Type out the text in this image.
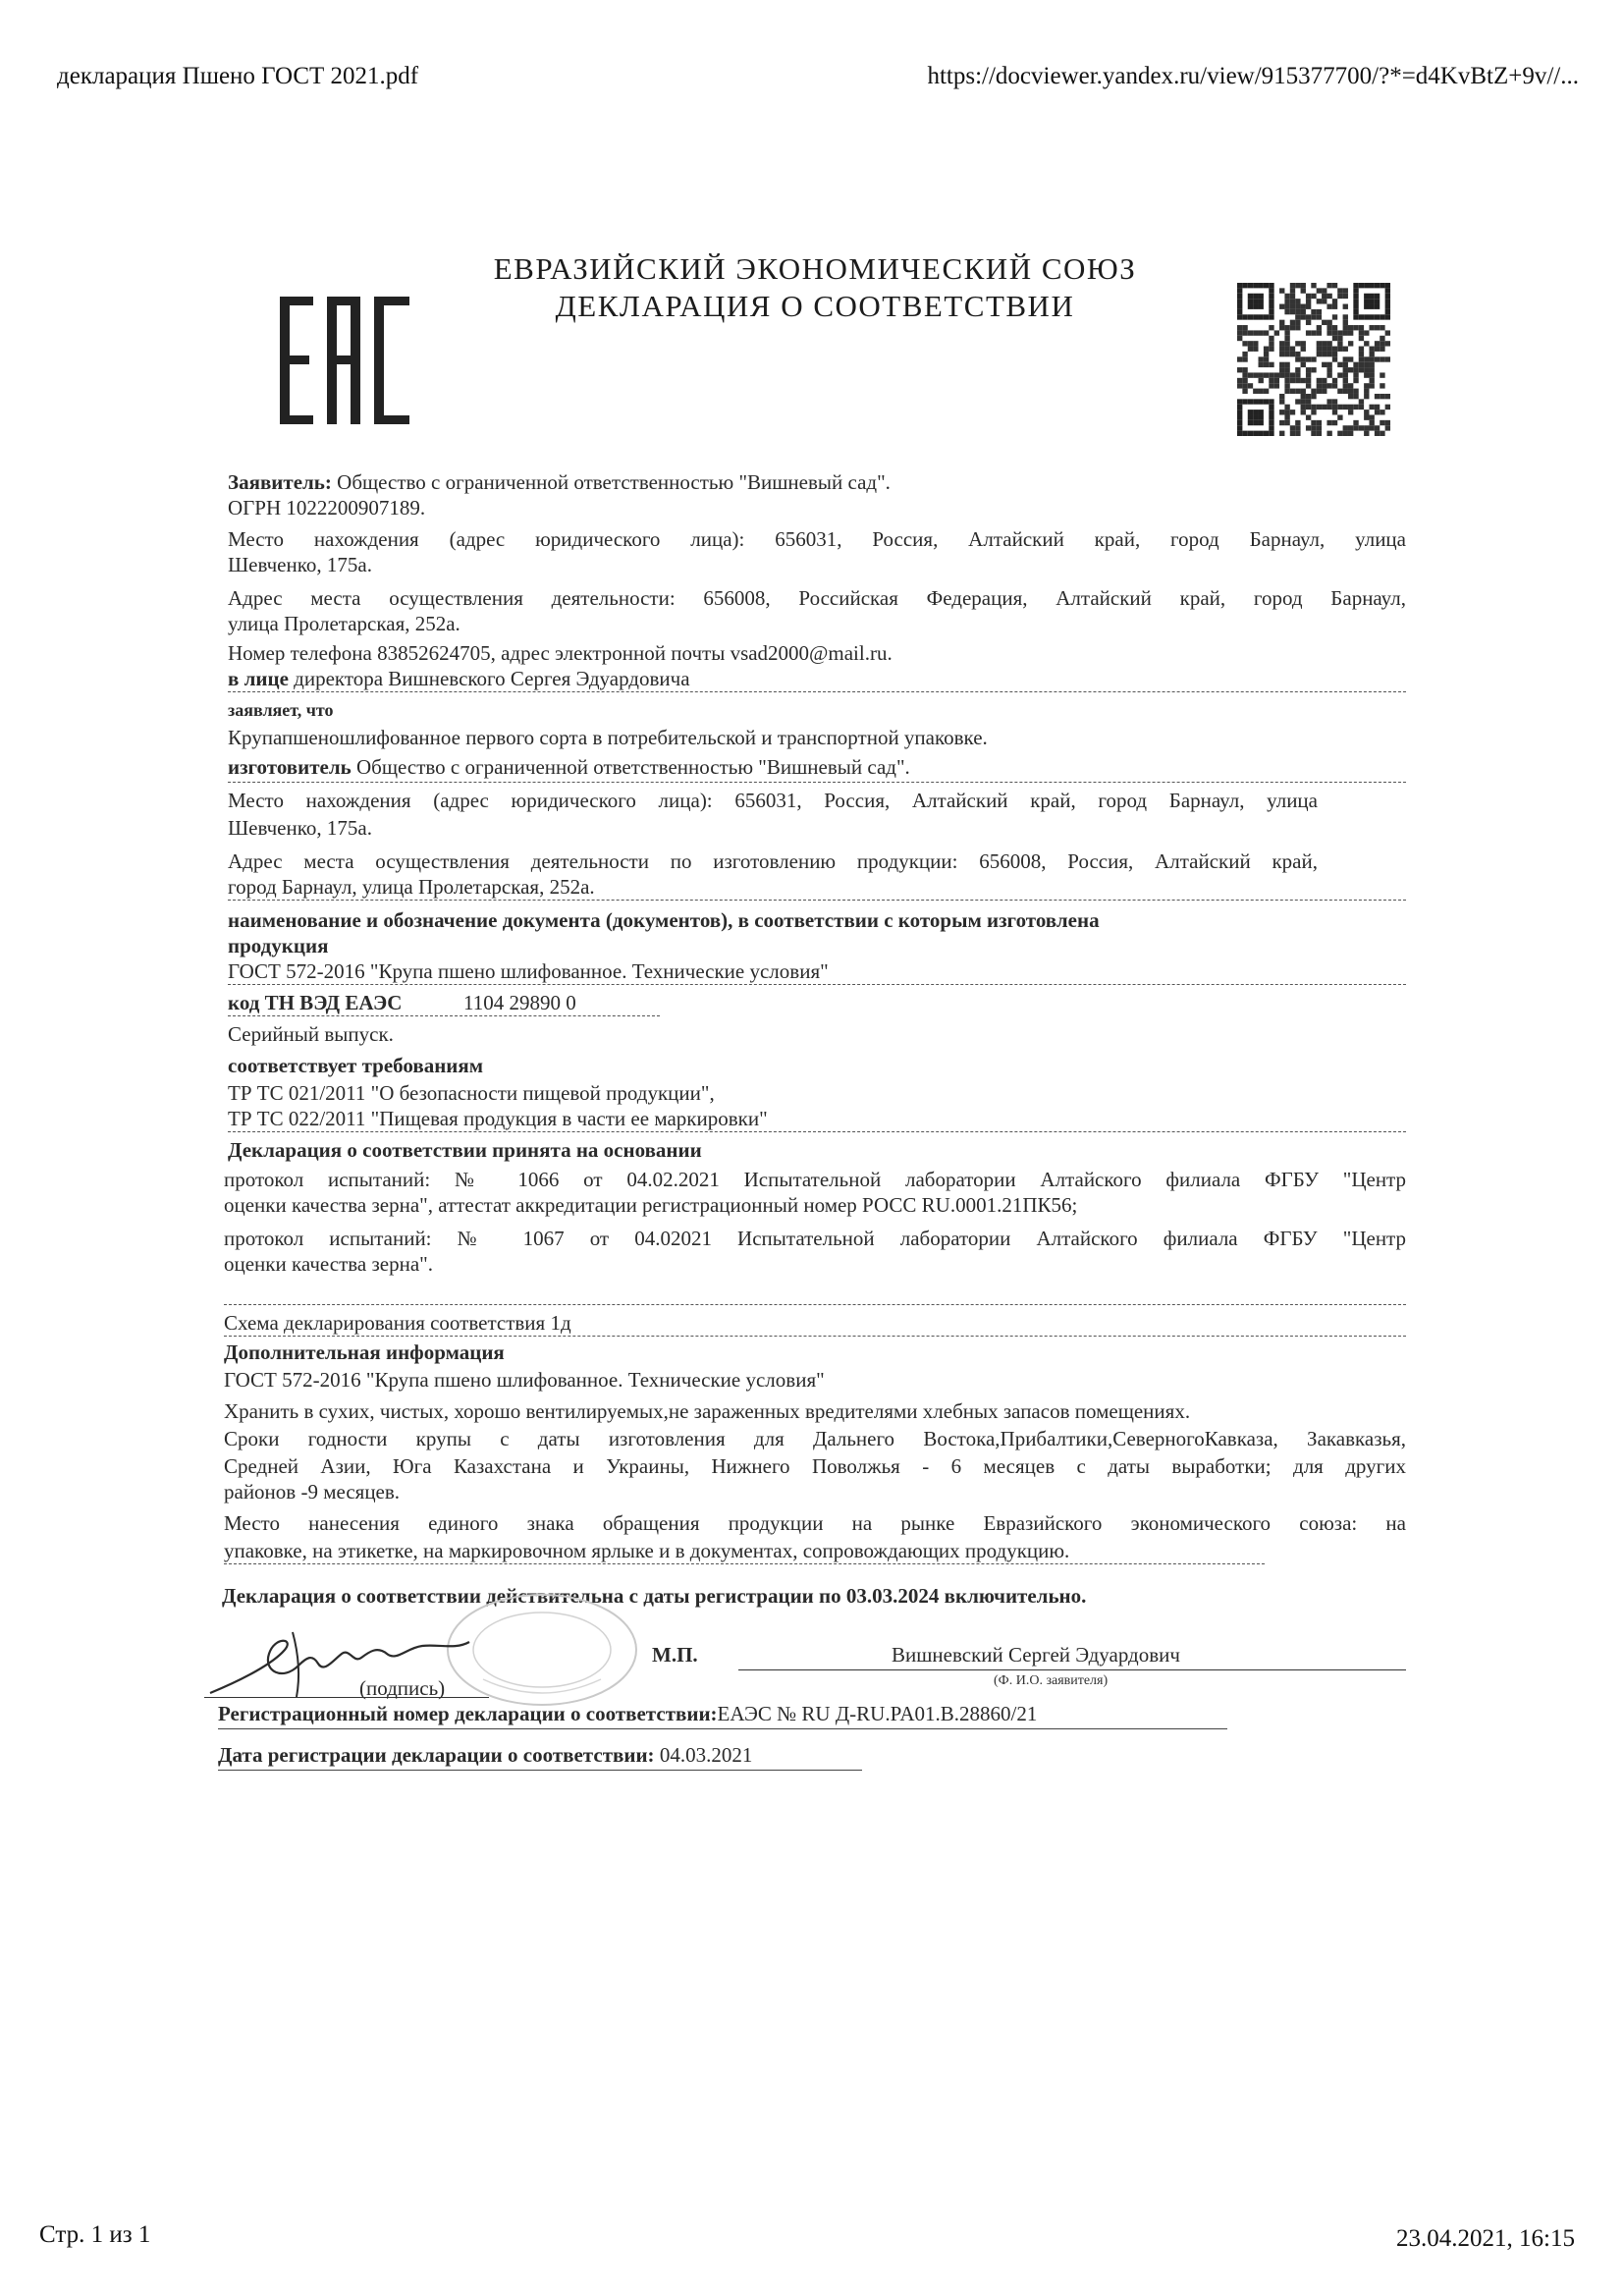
декларация Пшено ГОСТ 2021.pdf	https://docviewer.yandex.ru/view/915377700/?*=d4KvBtZ+9v//...
ЕВРАЗИЙСКИЙ ЭКОНОМИЧЕСКИЙ СОЮЗ
ДЕКЛАРАЦИЯ О СООТВЕТСТВИИ
Заявитель: Общество с ограниченной ответственностью "Вишневый сад".
ОГРН 1022200907189.
Место нахождения (адрес юридического лица): 656031, Россия, Алтайский край, город Барнаул, улица
Шевченко, 175а.
Адрес места осуществления деятельности: 656008, Российская Федерация, Алтайский край, город Барнаул,
улица Пролетарская, 252а.
Номер телефона 83852624705, адрес электронной почты vsad2000@mail.ru.
в лице директора Вишневского Сергея Эдуардовича
заявляет, что
Крупапшеношлифованное первого сорта в потребительской и транспортной упаковке.
изготовитель Общество с ограниченной ответственностью "Вишневый сад".
Место нахождения (адрес юридического лица): 656031, Россия, Алтайский край, город Барнаул, улица
Шевченко, 175а.
Адрес места осуществления деятельности по изготовлению продукции: 656008, Россия, Алтайский край,
город Барнаул, улица Пролетарская, 252а.
наименование и обозначение документа (документов), в соответствии с которым изготовлена
продукция
ГОСТ 572-2016 "Крупа пшено шлифованное. Технические условия"
код ТН ВЭД ЕАЭС	1104 29890 0
Серийный выпуск.
соответствует требованиям
ТР ТС 021/2011 "О безопасности пищевой продукции",
ТР ТС 022/2011 "Пищевая продукция в части ее маркировки"
Декларация о соответствии принята на основании
протокол испытаний: № 1066 от 04.02.2021 Испытательной лаборатории Алтайского филиала ФГБУ "Центр
оценки качества зерна", аттестат аккредитации регистрационный номер РОСС RU.0001.21ПК56;
протокол испытаний: № 1067 от 04.02021 Испытательной лаборатории Алтайского филиала ФГБУ "Центр
оценки качества зерна".
Схема декларирования соответствия 1д
Дополнительная информация
ГОСТ 572-2016 "Крупа пшено шлифованное. Технические условия"
Хранить в сухих, чистых, хорошо вентилируемых,не зараженных вредителями хлебных запасов помещениях.
Сроки годности крупы с даты изготовления для Дальнего Востока,Прибалтики,СеверногоКавказа, Закавказья,
Средней Азии, Юга Казахстана и Украины, Нижнего Поволжья - 6 месяцев с даты выработки; для других
районов -9 месяцев.
Место нанесения единого знака обращения продукции на рынке Евразийского экономического союза: на
упаковке, на этикетке, на маркировочном ярлыке и в документах, сопровождающих продукцию.
Декларация о соответствии действительна с даты регистрации по 03.03.2024 включительно.
(подпись)
М.П.	Вишневский Сергей Эдуардович
(Ф. И.О. заявителя)
Регистрационный номер декларации о соответствии:ЕАЭС № RU Д-RU.PA01.B.28860/21
Дата регистрации декларации о соответствии: 04.03.2021
Стр. 1 из 1	23.04.2021, 16:15
